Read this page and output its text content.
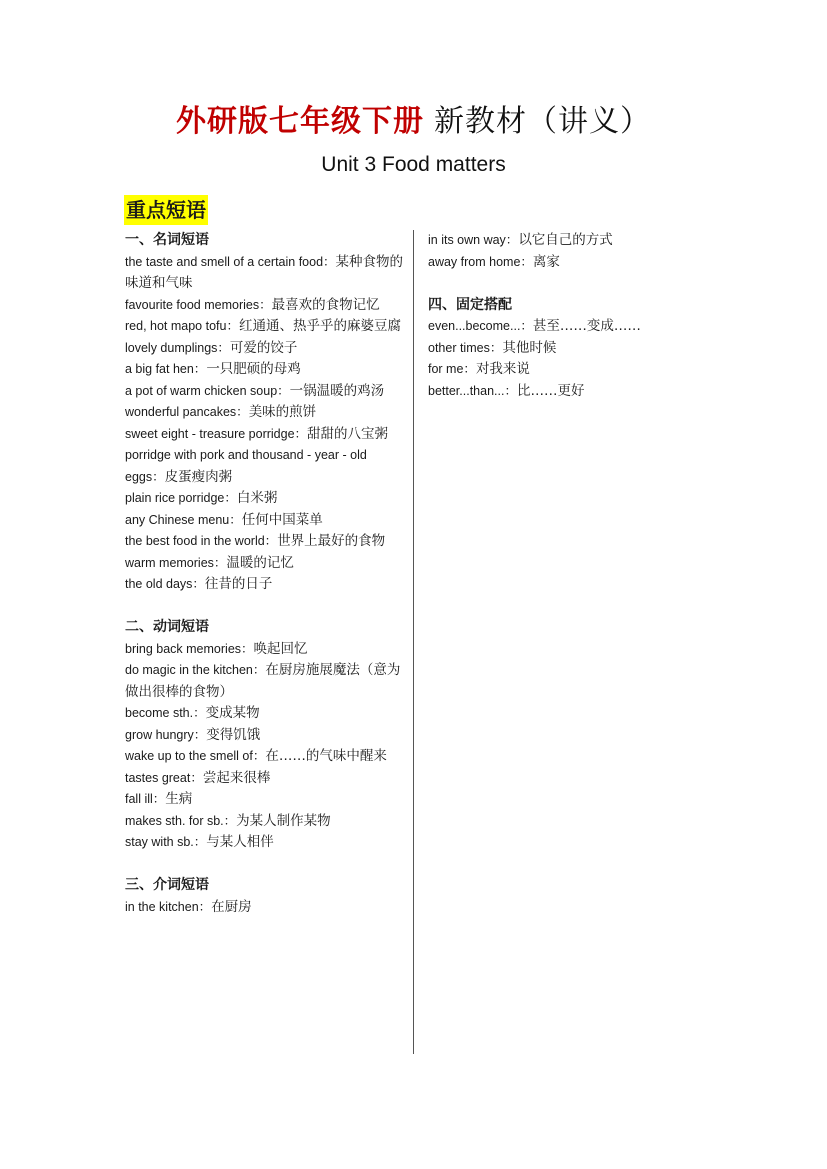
外研版七年级下册 新教材（讲义）
Unit 3 Food matters
重点短语

一、名词短语

the taste and smell of a certain food：某种食物的味道和气味

favourite food memories：最喜欢的食物记忆

red, hot mapo tofu：红通通、热乎乎的麻婆豆腐

lovely dumplings：可爱的饺子

a big fat hen：一只肥硕的母鸡

a pot of warm chicken soup：一锅温暖的鸡汤

wonderful pancakes：美味的煎饼

sweet eight - treasure porridge：甜甜的八宝粥

porridge with pork and thousand - year - old eggs：皮蛋瘦肉粥

plain rice porridge：白米粥

any Chinese menu：任何中国菜单

the best food in the world：世界上最好的食物

warm memories：温暖的记忆

the old days：往昔的日子

二、动词短语

bring back memories：唤起回忆

do magic in the kitchen：在厨房施展魔法（意为做出很棒的食物）

become sth.：变成某物

grow hungry：变得饥饿

wake up to the smell of：在……的气味中醒来

tastes great：尝起来很棒

fall ill：生病

makes sth. for sb.：为某人制作某物

stay with sb.：与某人相伴

三、介词短语

in the kitchen：在厨房

in its own way：以它自己的方式

away from home：离家

四、固定搭配

even...become...：甚至……变成……

other times：其他时候

for me：对我来说

better...than...：比……更好
